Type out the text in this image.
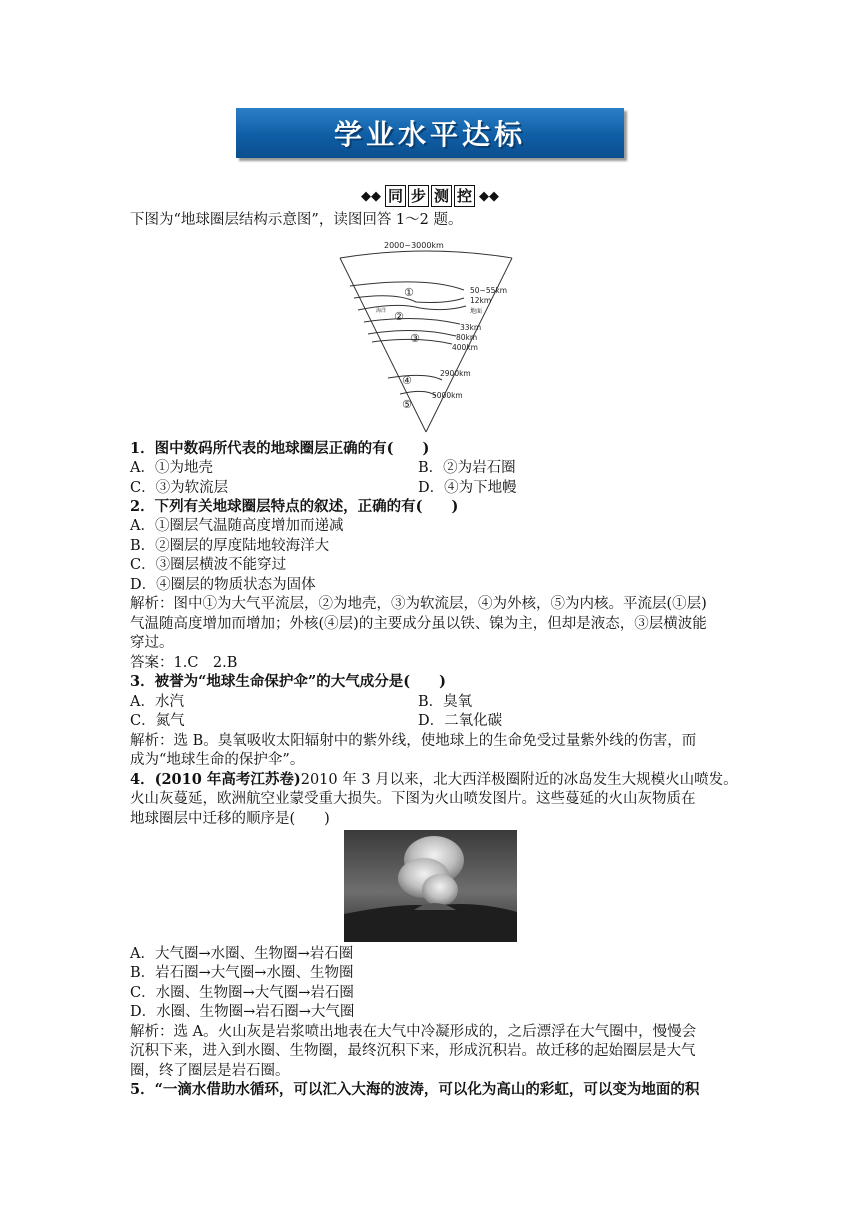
学业水平达标
◆◆ 同 步 测 控 ◆◆
下图为“地球圈层结构示意图”，读图回答 1～2 题。
2000~3000km
50~55km
12km
地面
海洋
33km
80km
400km
2900km
5000km
①
②
③
④
⑤
1．图中数码所代表的地球圈层正确的有(　　)
A．①为地壳	B．②为岩石圈
C．③为软流层	D．④为下地幔
2．下列有关地球圈层特点的叙述，正确的有(　　)
A．①圈层气温随高度增加而递减
B．②圈层的厚度陆地较海洋大
C．③圈层横波不能穿过
D．④圈层的物质状态为固体
解析：图中①为大气平流层，②为地壳，③为软流层，④为外核，⑤为内核。平流层(①层)
气温随高度增加而增加；外核(④层)的主要成分虽以铁、镍为主，但却是液态，③层横波能
穿过。
答案：1.C　2.B
3．被誉为“地球生命保护伞”的大气成分是(　　)
A．水汽	B．臭氧
C．氮气	D．二氧化碳
解析：选 B。臭氧吸收太阳辐射中的紫外线，使地球上的生命免受过量紫外线的伤害，而
成为“地球生命的保护伞”。
4．(2010 年高考江苏卷)2010 年 3 月以来，北大西洋极圈附近的冰岛发生大规模火山喷发。
火山灰蔓延，欧洲航空业蒙受重大损失。下图为火山喷发图片。这些蔓延的火山灰物质在
地球圈层中迁移的顺序是(　　)
A．大气圈→水圈、生物圈→岩石圈
B．岩石圈→大气圈→水圈、生物圈
C．水圈、生物圈→大气圈→岩石圈
D．水圈、生物圈→岩石圈→大气圈
解析：选 A。火山灰是岩浆喷出地表在大气中冷凝形成的，之后漂浮在大气圈中，慢慢会
沉积下来，进入到水圈、生物圈，最终沉积下来，形成沉积岩。故迁移的起始圈层是大气
圈，终了圈层是岩石圈。
5．“一滴水借助水循环，可以汇入大海的波涛，可以化为高山的彩虹，可以变为地面的积
